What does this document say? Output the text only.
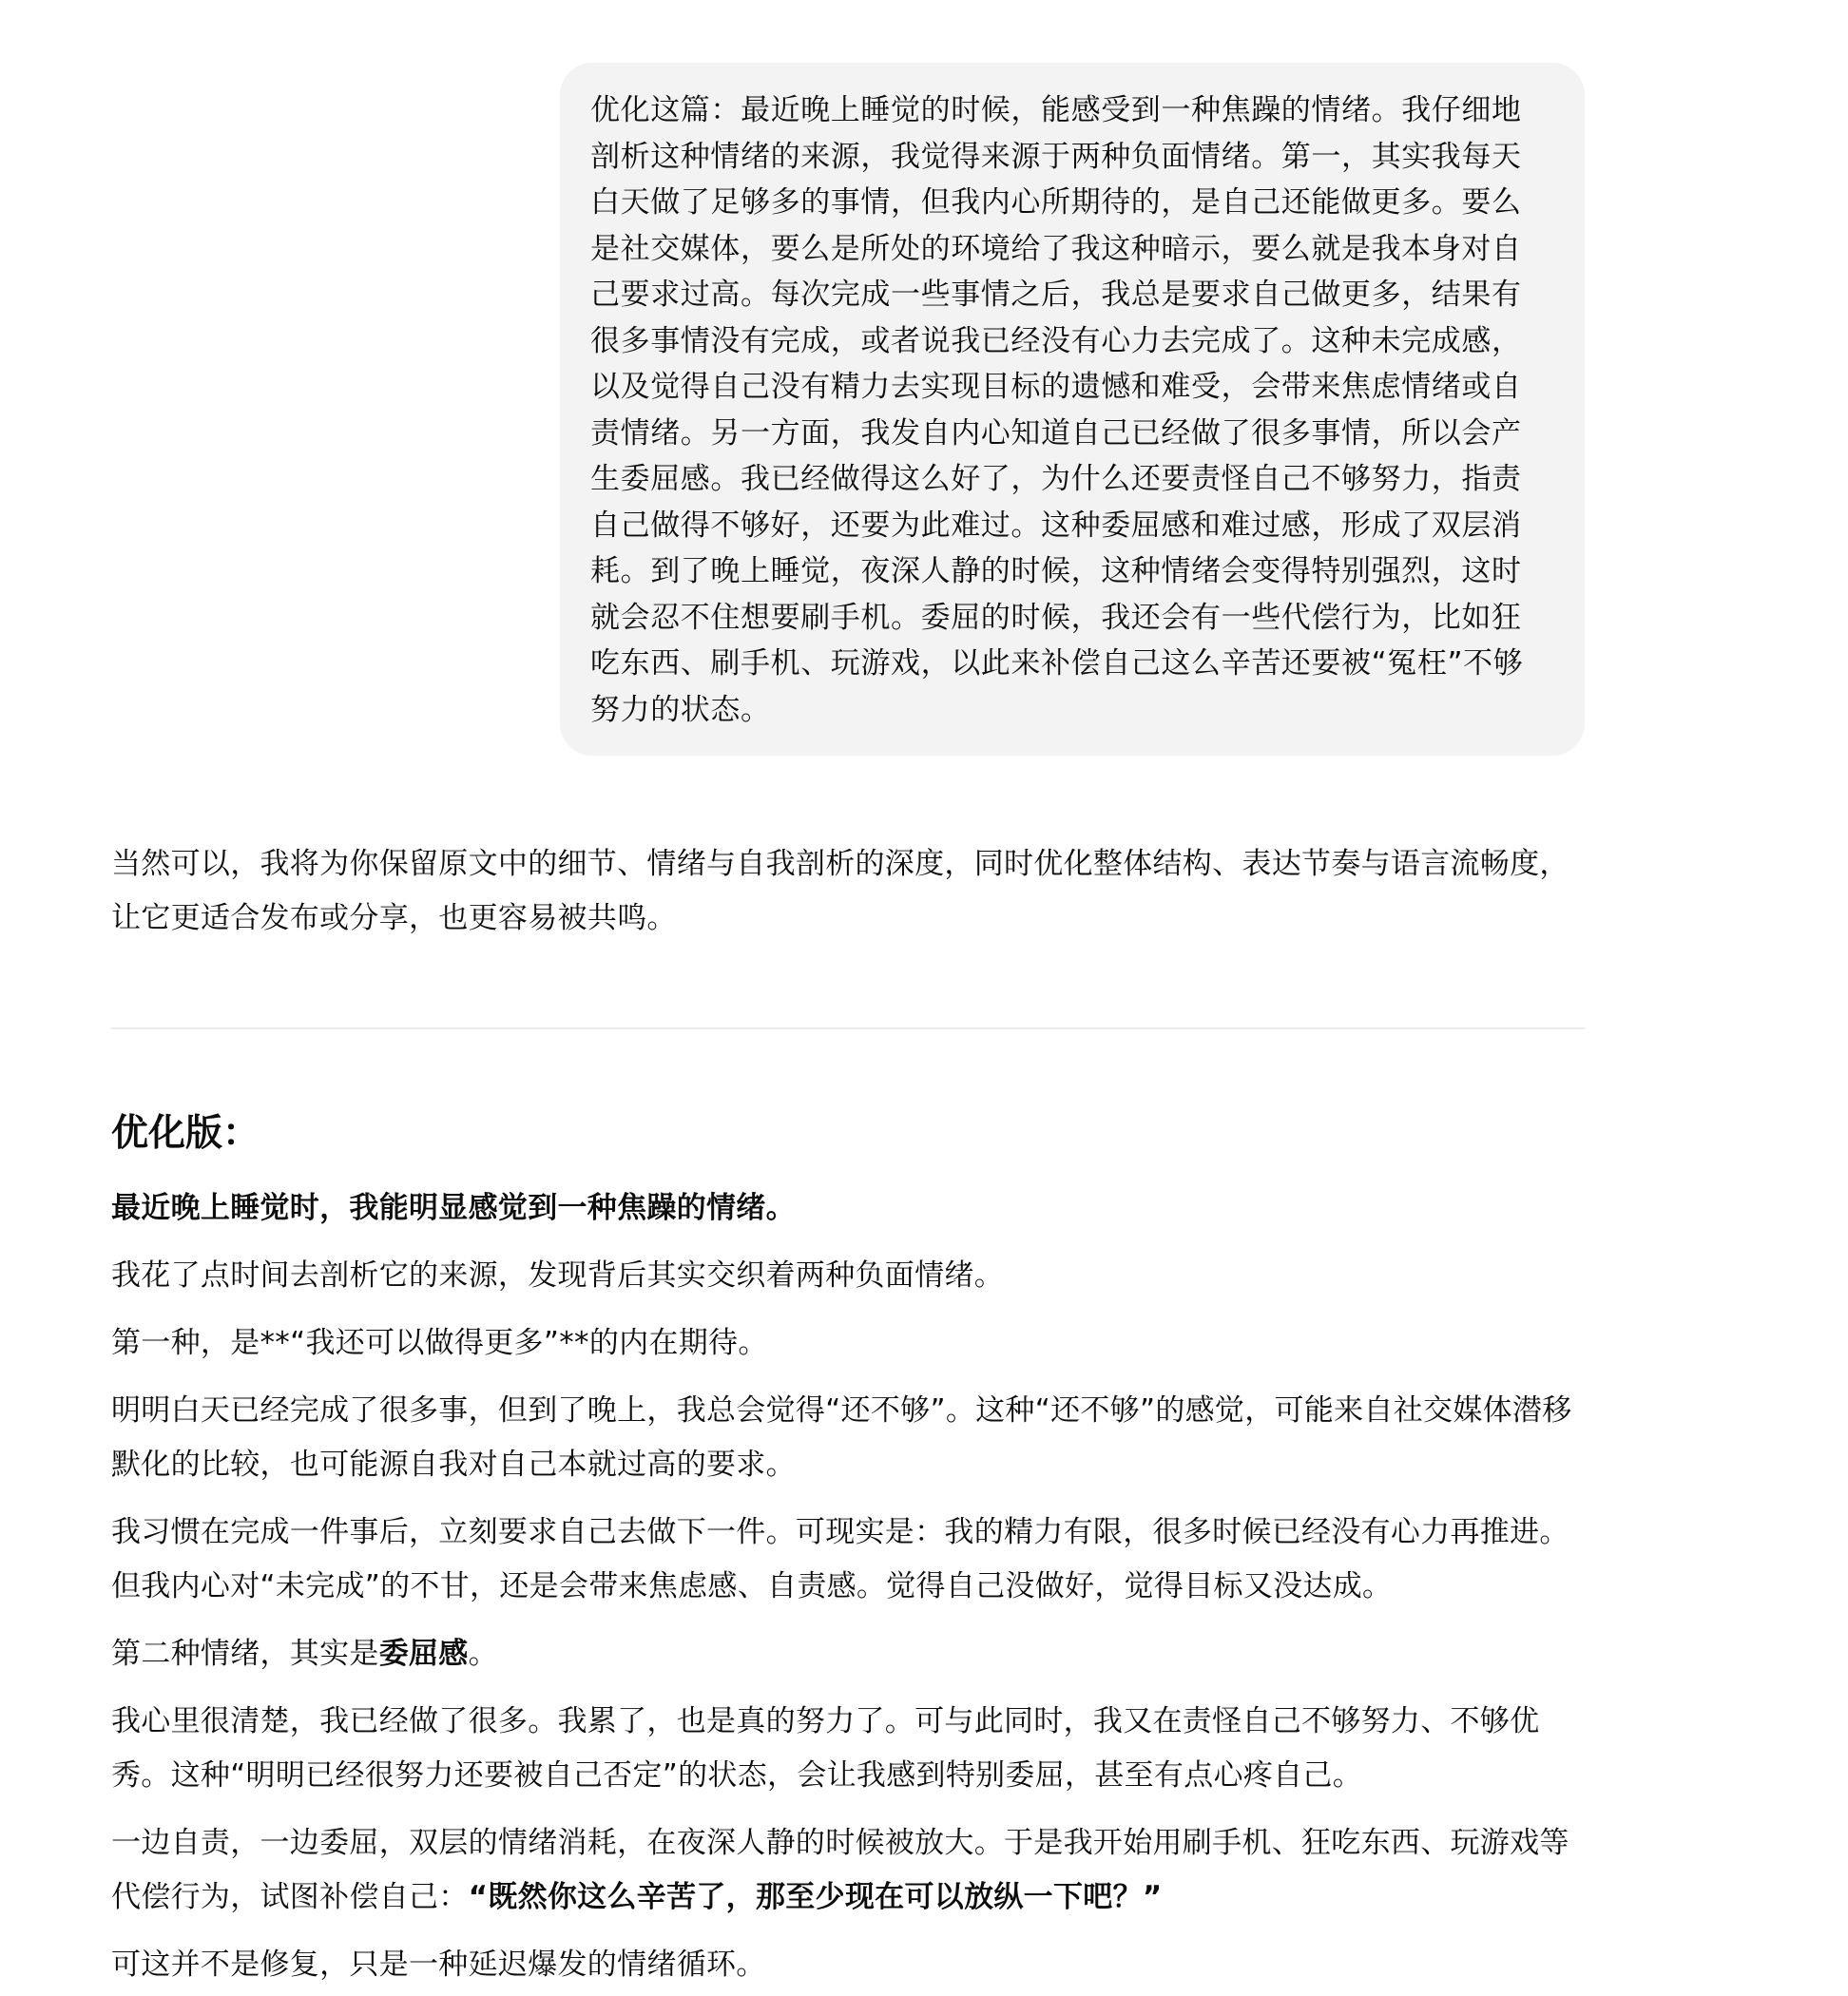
优化这篇：最近晚上睡觉的时候，能感受到一种焦躁的情绪。我仔细地剖析这种情绪的来源，我觉得来源于两种负面情绪。第一，其实我每天白天做了足够多的事情，但我内心所期待的，是自己还能做更多。要么是社交媒体，要么是所处的环境给了我这种暗示，要么就是我本身对自己要求过高。每次完成一些事情之后，我总是要求自己做更多，结果有很多事情没有完成，或者说我已经没有心力去完成了。这种未完成感，以及觉得自己没有精力去实现目标的遗憾和难受，会带来焦虑情绪或自责情绪。另一方面，我发自内心知道自己已经做了很多事情，所以会产生委屈感。我已经做得这么好了，为什么还要责怪自己不够努力，指责自己做得不够好，还要为此难过。这种委屈感和难过感，形成了双层消耗。到了晚上睡觉，夜深人静的时候，这种情绪会变得特别强烈，这时就会忍不住想要刷手机。委屈的时候，我还会有一些代偿行为，比如狂吃东西、刷手机、玩游戏，以此来补偿自己这么辛苦还要被“冤枉”不够努力的状态。

当然可以，我将为你保留原文中的细节、情绪与自我剖析的深度，同时优化整体结构、表达节奏与语言流畅度，让它更适合发布或分享，也更容易被共鸣。

优化版：

最近晚上睡觉时，我能明显感觉到一种焦躁的情绪。

我花了点时间去剖析它的来源，发现背后其实交织着两种负面情绪。

第一种，是**“我还可以做得更多”**的内在期待。

明明白天已经完成了很多事，但到了晚上，我总会觉得“还不够”。这种“还不够”的感觉，可能来自社交媒体潜移默化的比较，也可能源自我对自己本就过高的要求。

我习惯在完成一件事后，立刻要求自己去做下一件。可现实是：我的精力有限，很多时候已经没有心力再推进。但我内心对“未完成”的不甘，还是会带来焦虑感、自责感。觉得自己没做好，觉得目标又没达成。

第二种情绪，其实是委屈感。

我心里很清楚，我已经做了很多。我累了，也是真的努力了。可与此同时，我又在责怪自己不够努力、不够优秀。这种“明明已经很努力还要被自己否定”的状态，会让我感到特别委屈，甚至有点心疼自己。

一边自责，一边委屈，双层的情绪消耗，在夜深人静的时候被放大。于是我开始用刷手机、狂吃东西、玩游戏等代偿行为，试图补偿自己：“既然你这么辛苦了，那至少现在可以放纵一下吧？”

可这并不是修复，只是一种延迟爆发的情绪循环。
